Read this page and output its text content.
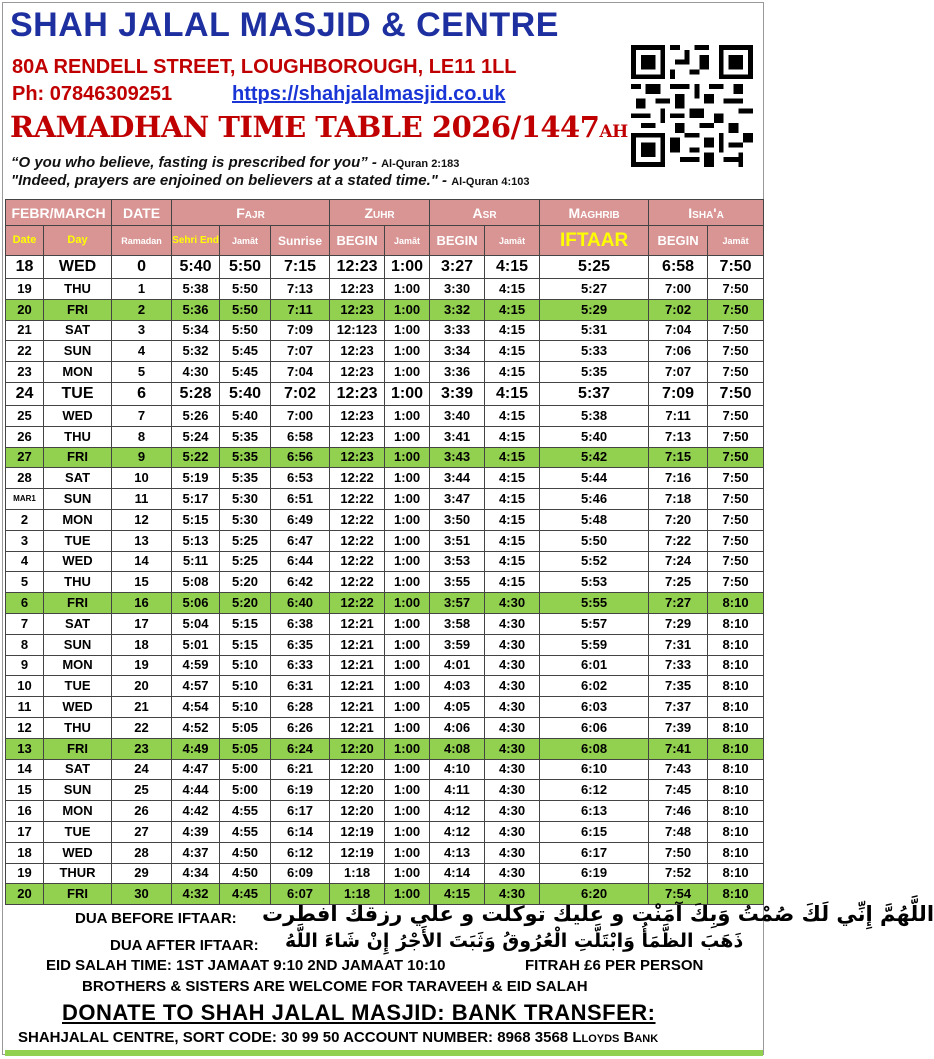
SHAH JALAL MASJID & CENTRE
80A RENDELL STREET, LOUGHBOROUGH, LE11 1LL
Ph: 07846309251	https://shahjalalmasjid.co.uk
RAMADHAN TIME TABLE 2026/1447AH
“O you who believe, fasting is prescribed for you” - Al-Quran 2:183
"Indeed, prayers are enjoined on believers at a stated time." - Al-Quran 4:103
FEBR/MARCH		DATE	Fajr			Zuhr		Asr		Maghrib	Isha'a	
Date	Day	Ramadan	Sehri End	Jamāt	Sunrise	BEGIN	Jamāt	BEGIN	Jamāt	IFTAAR	BEGIN	Jamāt
18	WED	0	5:40	5:50	7:15	12:23	1:00	3:27	4:15	5:25	6:58	7:50
19	THU	1	5:38	5:50	7:13	12:23	1:00	3:30	4:15	5:27	7:00	7:50
20	FRI	2	5:36	5:50	7:11	12:23	1:00	3:32	4:15	5:29	7:02	7:50
21	SAT	3	5:34	5:50	7:09	12:123	1:00	3:33	4:15	5:31	7:04	7:50
22	SUN	4	5:32	5:45	7:07	12:23	1:00	3:34	4:15	5:33	7:06	7:50
23	MON	5	4:30	5:45	7:04	12:23	1:00	3:36	4:15	5:35	7:07	7:50
24	TUE	6	5:28	5:40	7:02	12:23	1:00	3:39	4:15	5:37	7:09	7:50
25	WED	7	5:26	5:40	7:00	12:23	1:00	3:40	4:15	5:38	7:11	7:50
26	THU	8	5:24	5:35	6:58	12:23	1:00	3:41	4:15	5:40	7:13	7:50
27	FRI	9	5:22	5:35	6:56	12:23	1:00	3:43	4:15	5:42	7:15	7:50
28	SAT	10	5:19	5:35	6:53	12:22	1:00	3:44	4:15	5:44	7:16	7:50
MAR1	SUN	11	5:17	5:30	6:51	12:22	1:00	3:47	4:15	5:46	7:18	7:50
2	MON	12	5:15	5:30	6:49	12:22	1:00	3:50	4:15	5:48	7:20	7:50
3	TUE	13	5:13	5:25	6:47	12:22	1:00	3:51	4:15	5:50	7:22	7:50
4	WED	14	5:11	5:25	6:44	12:22	1:00	3:53	4:15	5:52	7:24	7:50
5	THU	15	5:08	5:20	6:42	12:22	1:00	3:55	4:15	5:53	7:25	7:50
6	FRI	16	5:06	5:20	6:40	12:22	1:00	3:57	4:30	5:55	7:27	8:10
7	SAT	17	5:04	5:15	6:38	12:21	1:00	3:58	4:30	5:57	7:29	8:10
8	SUN	18	5:01	5:15	6:35	12:21	1:00	3:59	4:30	5:59	7:31	8:10
9	MON	19	4:59	5:10	6:33	12:21	1:00	4:01	4:30	6:01	7:33	8:10
10	TUE	20	4:57	5:10	6:31	12:21	1:00	4:03	4:30	6:02	7:35	8:10
11	WED	21	4:54	5:10	6:28	12:21	1:00	4:05	4:30	6:03	7:37	8:10
12	THU	22	4:52	5:05	6:26	12:21	1:00	4:06	4:30	6:06	7:39	8:10
13	FRI	23	4:49	5:05	6:24	12:20	1:00	4:08	4:30	6:08	7:41	8:10
14	SAT	24	4:47	5:00	6:21	12:20	1:00	4:10	4:30	6:10	7:43	8:10
15	SUN	25	4:44	5:00	6:19	12:20	1:00	4:11	4:30	6:12	7:45	8:10
16	MON	26	4:42	4:55	6:17	12:20	1:00	4:12	4:30	6:13	7:46	8:10
17	TUE	27	4:39	4:55	6:14	12:19	1:00	4:12	4:30	6:15	7:48	8:10
18	WED	28	4:37	4:50	6:12	12:19	1:00	4:13	4:30	6:17	7:50	8:10
19	THUR	29	4:34	4:50	6:09	1:18	1:00	4:14	4:30	6:19	7:52	8:10
20	FRI	30	4:32	4:45	6:07	1:18	1:00	4:15	4:30	6:20	7:54	8:10
DUA BEFORE IFTAAR: اللَّهُمَّ إِنِّي لَكَ صُمْتُ وَبِكَ آمَنْت و عليك توكلت و علي رزقك افطرت
DUA AFTER IFTAAR: ذَهَبَ الظَّمَأُ وَابْتَلَّتِ الْعُرُوقُ وَثَبَتَ الأَجْرُ إِنْ شَاءَ اللَّهُ
EID SALAH TIME: 1ST JAMAAT 9:10 2ND JAMAAT 10:10	FITRAH £6 PER PERSON
BROTHERS & SISTERS ARE WELCOME FOR TARAVEEH & EID SALAH
DONATE TO SHAH JALAL MASJID: BANK TRANSFER:
SHAHJALAL CENTRE, SORT CODE: 30 99 50 ACCOUNT NUMBER: 8968 3568 Lloyds Bank
